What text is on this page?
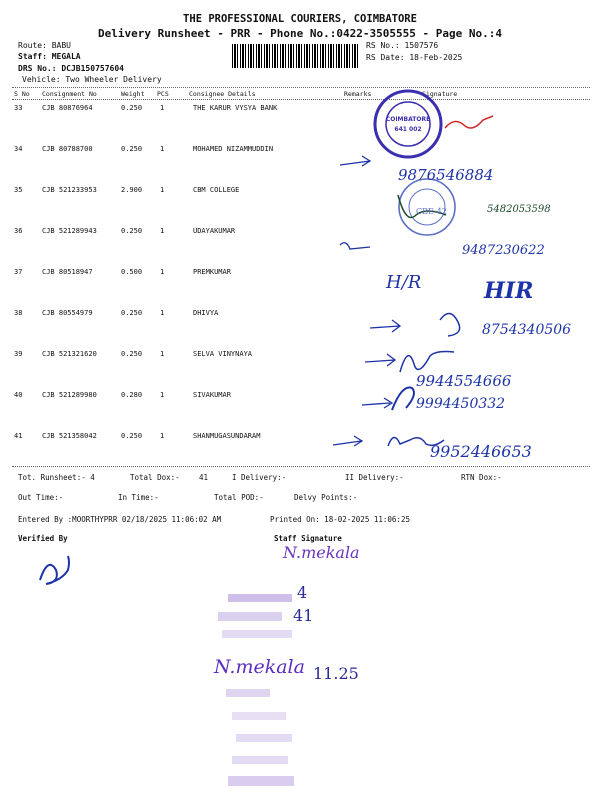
THE PROFESSIONAL COURIERS, COIMBATORE
Delivery Runsheet - PRR - Phone No.:0422-3505555 - Page No.:4
Route: BABU
Staff: MEGALA
DRS No.: DCJB150757604
Vehicle: Two Wheeler Delivery
RS No.: 1507576
RS Date: 18-Feb-2025
S No Consignment No	Weight PCS	Consignee Details	Remarks	Signature
33	CJB 80876964	0.250	1	THE KARUR VYSYA BANK
34	CJB 80788700	0.250	1	MOHAMED NIZAMMUDDIN
35	CJB 521233953	2.900	1	CBM COLLEGE
36	CJB 521289943	0.250	1	UDAYAKUMAR
37	CJB 80518947	0.500	1	PREMKUMAR
38	CJB 80554979	0.250	1	DHIVYA
39	CJB 521321620	0.250	1	SELVA VINYNAYA
40	CJB 521289980	0.280	1	SIVAKUMAR
41	CJB 521358042	0.250	1	SHANMUGASUNDARAM
Tot. Runsheet:- 4	Total Dox:-	41	I Delivery:-	II Delivery:-	RTN Dox:-
Out Time:-	In Time:-	Total POD:-	Delvy Points:-
Entered By :MOORTHYPRR 02/18/2025 11:06:02 AM	Printed On: 18-02-2025 11:06:25
Verified By	Staff Signature
COIMBATORE
641 002
9876546884
CBE-42	5482053598
9487230622
H/R	HIR
8754340506
9944554666
9994450332
9952446653
N.mekala
4
41
N.mekala 11.25
